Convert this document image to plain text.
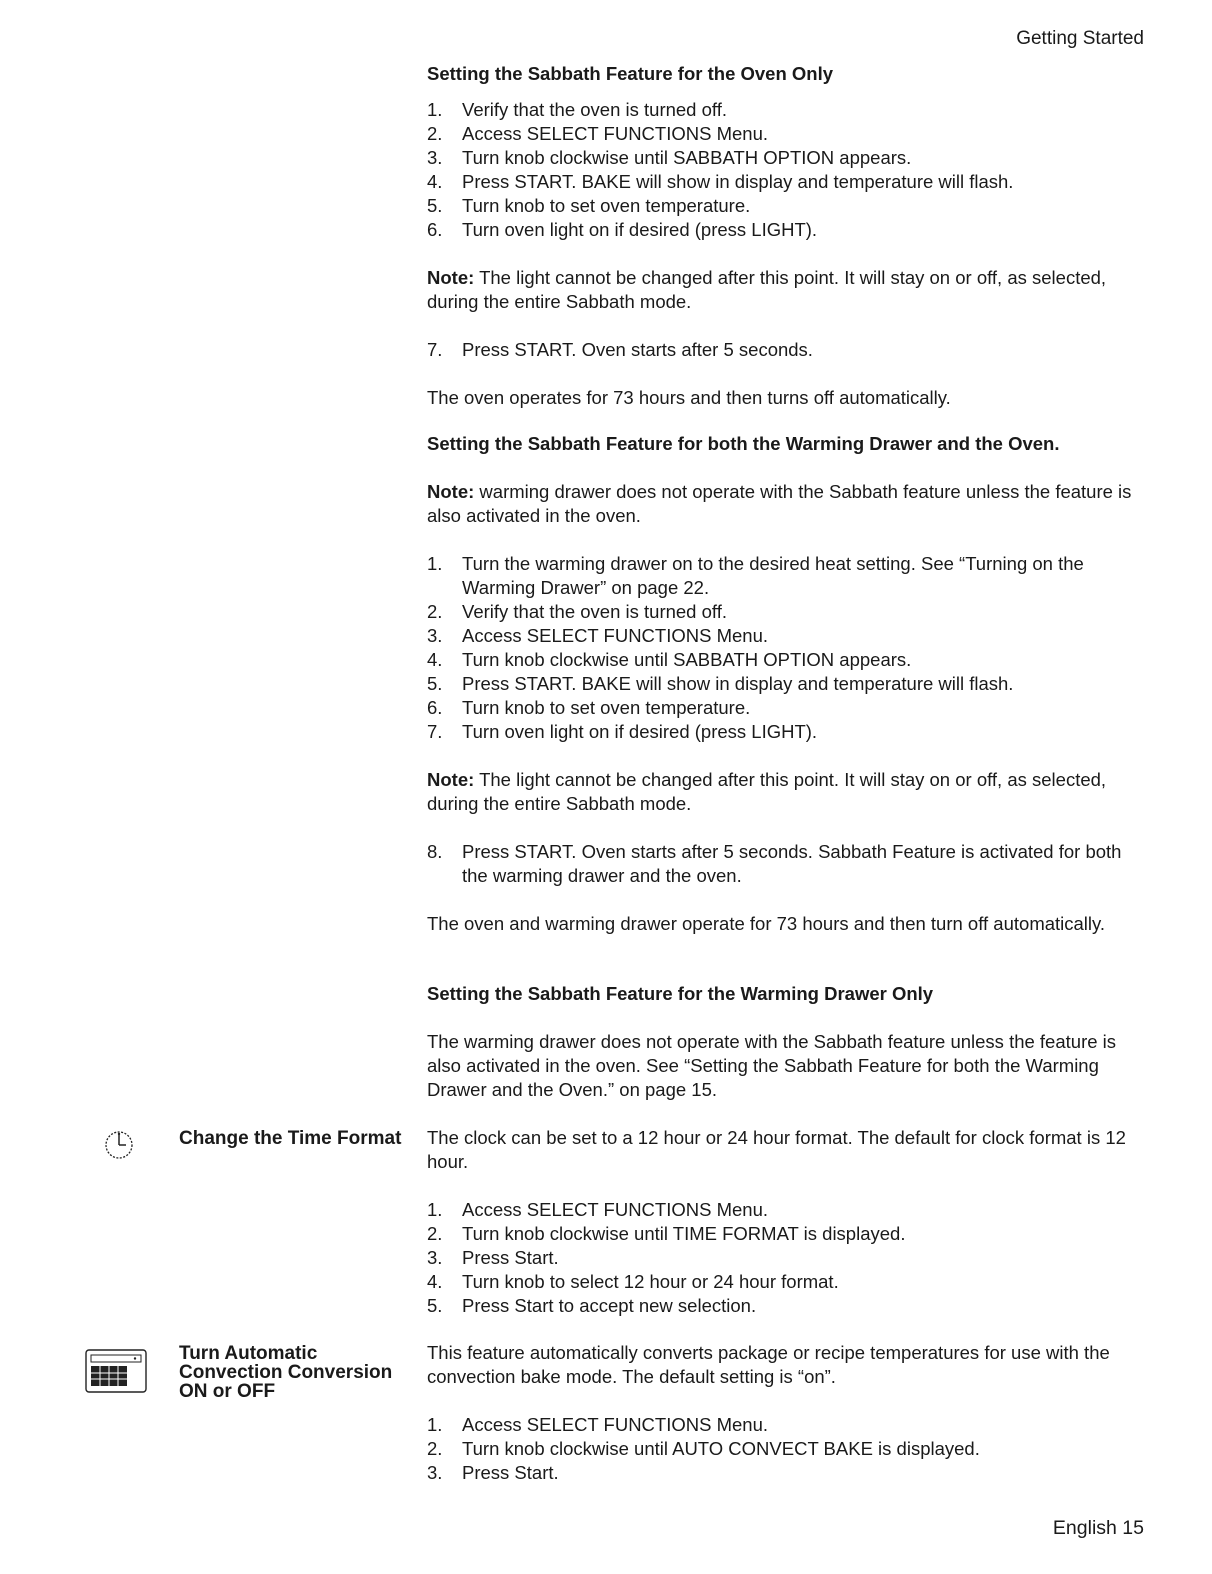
Getting Started
Setting the Sabbath Feature for the Oven Only
1. Verify that the oven is turned off.
2. Access SELECT FUNCTIONS Menu.
3. Turn knob clockwise until SABBATH OPTION appears.
4. Press START. BAKE will show in display and temperature will flash.
5. Turn knob to set oven temperature.
6. Turn oven light on if desired (press LIGHT).

Note: The light cannot be changed after this point. It will stay on or off, as selected, during the entire Sabbath mode.

7. Press START. Oven starts after 5 seconds.

The oven operates for 73 hours and then turns off automatically.

Setting the Sabbath Feature for both the Warming Drawer and the Oven.

Note: warming drawer does not operate with the Sabbath feature unless the feature is also activated in the oven.

1. Turn the warming drawer on to the desired heat setting. See “Turning on the Warming Drawer” on page 22.
2. Verify that the oven is turned off.
3. Access SELECT FUNCTIONS Menu.
4. Turn knob clockwise until SABBATH OPTION appears.
5. Press START. BAKE will show in display and temperature will flash.
6. Turn knob to set oven temperature.
7. Turn oven light on if desired (press LIGHT).

Note: The light cannot be changed after this point. It will stay on or off, as selected, during the entire Sabbath mode.

8. Press START. Oven starts after 5 seconds. Sabbath Feature is activated for both the warming drawer and the oven.

The oven and warming drawer operate for 73 hours and then turn off automatically.

Setting the Sabbath Feature for the Warming Drawer Only

The warming drawer does not operate with the Sabbath feature unless the feature is also activated in the oven. See “Setting the Sabbath Feature for both the Warming Drawer and the Oven.” on page 15.

Change the Time Format The clock can be set to a 12 hour or 24 hour format. The default for clock format is 12 hour.

1. Access SELECT FUNCTIONS Menu.
2. Turn knob clockwise until TIME FORMAT is displayed.
3. Press Start.
4. Turn knob to select 12 hour or 24 hour format.
5. Press Start to accept new selection.
Turn Automatic Convection Conversion ON or OFF

This feature automatically converts package or recipe temperatures for use with the convection bake mode. The default setting is “on”.

1. Access SELECT FUNCTIONS Menu.
2. Turn knob clockwise until AUTO CONVECT BAKE is displayed.
3. Press Start.
English 15
